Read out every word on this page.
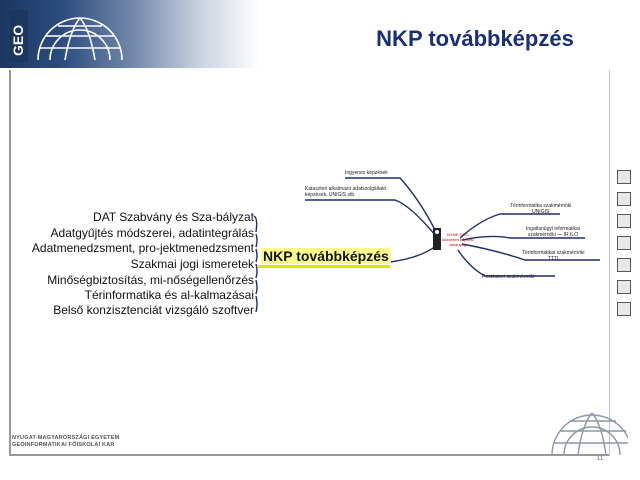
GEO	NKP továbbképzés
DAT Szabvány és Sza-bályzat
Adatgyűjtés módszerei, adatintegrálás
Adatmenedzsment, pro-jektmenedzsment
Szakmai jogi ismeretek
Minőségbiztosítás, mi-nőségellenőrzés
Térinformatika és al-kalmazásai
Belső konzisztenciát vizsgáló szoftver
NKP továbbképzés
Ingyenes képzések
Kataszteri alkalmazó adatszolgáltató
képzések, UNIGIS stb.
NYME GEO
közvetlen képzési
tananyag
Térinformatika szakmérnöki
UNIGIS
Ingatlanügyi informatikai
szakmérnöki — IR ILO
Térinformatikai szakmérnöki
TTTI
Posztszeri szakmérnöki
NYUGAT-MAGYARORSZÁGI EGYETEM
GEOINFORMATIKAI FŐISKOLAI KAR
11
